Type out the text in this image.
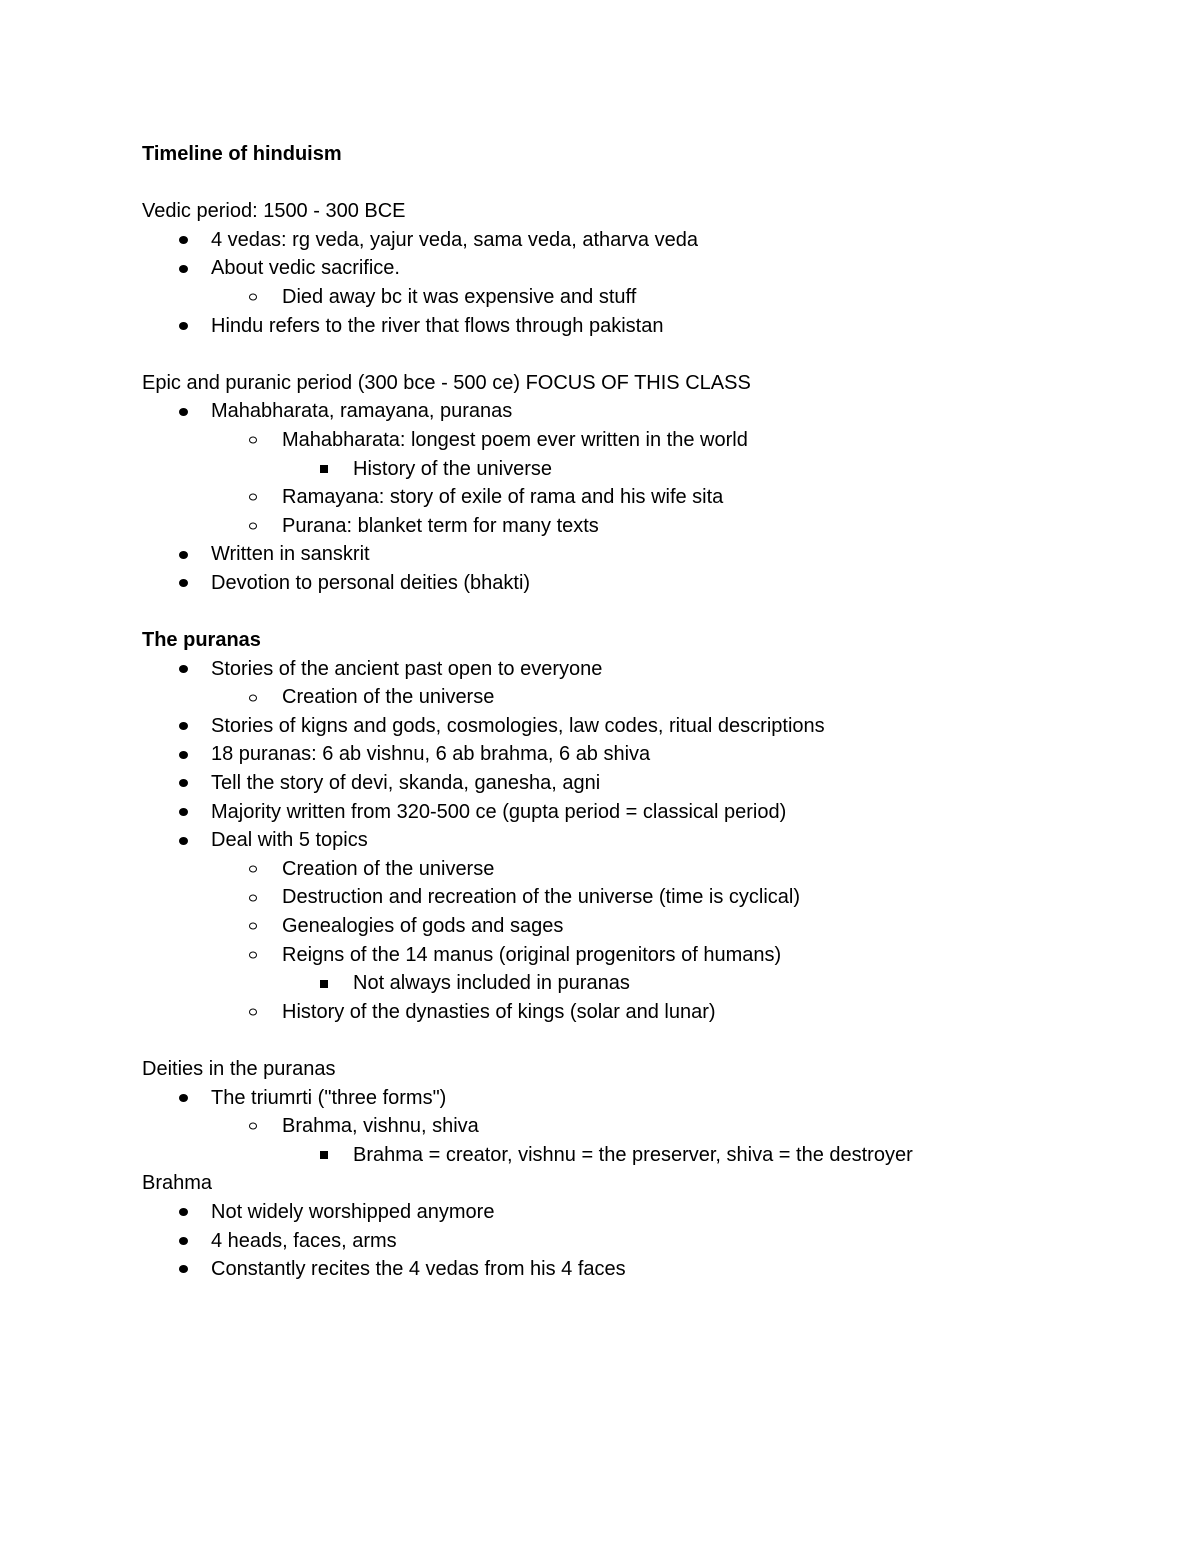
Timeline of hinduism
Vedic period: 1500 - 300 BCE
4 vedas: rg veda, yajur veda, sama veda, atharva veda
About vedic sacrifice.
Died away bc it was expensive and stuff
Hindu refers to the river that flows through pakistan
Epic and puranic period (300 bce - 500 ce) FOCUS OF THIS CLASS
Mahabharata, ramayana, puranas
Mahabharata: longest poem ever written in the world
History of the universe
Ramayana: story of exile of rama and his wife sita
Purana: blanket term for many texts
Written in sanskrit
Devotion to personal deities (bhakti)
The puranas
Stories of the ancient past open to everyone
Creation of the universe
Stories of kigns and gods, cosmologies, law codes, ritual descriptions
18 puranas: 6 ab vishnu, 6 ab brahma, 6 ab shiva
Tell the story of devi, skanda, ganesha, agni
Majority written from 320-500 ce (gupta period = classical period)
Deal with 5 topics
Creation of the universe
Destruction and recreation of the universe (time is cyclical)
Genealogies of gods and sages
Reigns of the 14 manus (original progenitors of humans)
Not always included in puranas
History of the dynasties of kings (solar and lunar)
Deities in the puranas
The triumrti ("three forms")
Brahma, vishnu, shiva
Brahma = creator, vishnu = the preserver, shiva = the destroyer
Brahma
Not widely worshipped anymore
4 heads, faces, arms
Constantly recites the 4 vedas from his 4 faces
